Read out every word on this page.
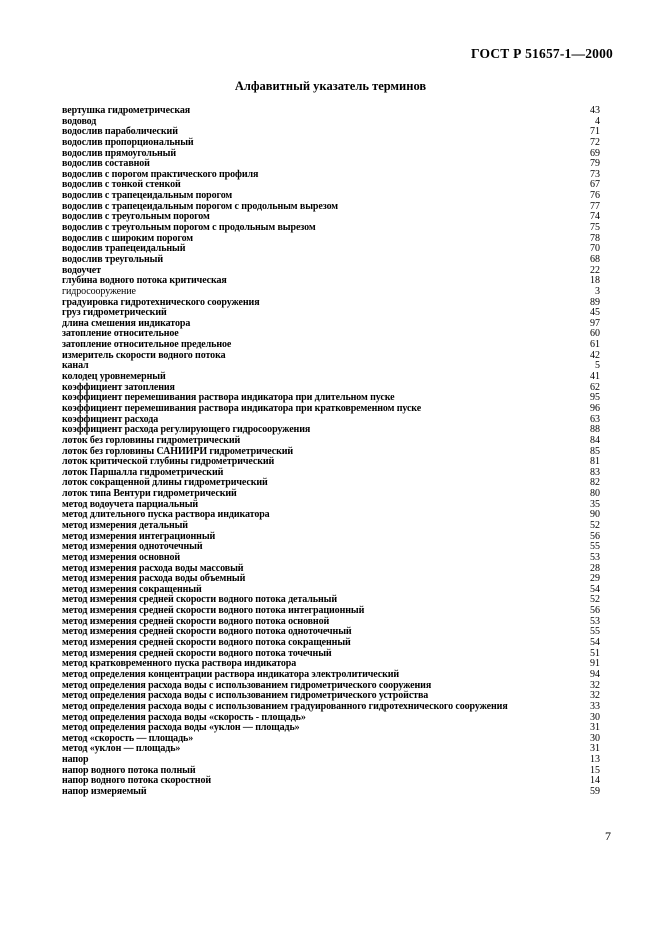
ГОСТ Р 51657-1—2000
Алфавитный указатель терминов
вертушка гидрометрическая	43
водовод	4
водослив параболический	71
водослив пропорциональный	72
водослив прямоугольный	69
водослив составной	79
водослив с порогом практического профиля	73
водослив с тонкой стенкой	67
водослив с трапецеидальным порогом	76
водослив с трапецеидальным порогом с продольным вырезом	77
водослив с треугольным порогом	74
водослив с треугольным порогом с продольным вырезом	75
водослив с широким порогом	78
водослив трапецеидальный	70
водослив треугольный	68
водоучет	22
глубина водного потока критическая	18
гидросооружение	3
градуировка гидротехнического сооружения	89
груз гидрометрический	45
длина смешения индикатора	97
затопление относительное	60
затопление относительное предельное	61
измеритель скорости водного потока	42
канал	5
колодец уровнемерный	41
коэффициент затопления	62
коэффициент перемешивания раствора индикатора при длительном пуске	95
коэффициент перемешивания раствора индикатора при кратковременном пуске	96
коэффициент расхода	63
коэффициент расхода регулирующего гидросооружения	88
лоток без горловины гидрометрический	84
лоток без горловины САНИИРИ гидрометрический	85
лоток критической глубины гидрометрический	81
лоток Паршалла гидрометрический	83
лоток сокращенной длины гидрометрический	82
лоток типа Вентури гидрометрический	80
метод водоучета парциальный	35
метод длительного пуска раствора индикатора	90
метод измерения детальный	52
метод измерения интеграционный	56
метод измерения одноточечный	55
метод измерения основной	53
метод измерения расхода воды массовый	28
метод измерения расхода воды объемный	29
метод измерения сокращенный	54
метод измерения средней скорости водного потока детальный	52
метод измерения средней скорости водного потока интеграционный	56
метод измерения средней скорости водного потока основной	53
метод измерения средней скорости водного потока одноточечный	55
метод измерения средней скорости водного потока сокращенный	54
метод измерения средней скорости водного потока точечный	51
метод кратковременного пуска раствора индикатора	91
метод определения концентрации раствора индикатора электролитический	94
метод определения расхода воды с использованием гидрометрического сооружения	32
метод определения расхода воды с использованием гидрометрического устройства	32
метод определения расхода воды с использованием градуированного гидротехнического сооружения	33
метод определения расхода воды «скорость - площадь»	30
метод определения расхода воды «уклон — площадь»	31
метод «скорость — площадь»	30
метод «уклон — площадь»	31
напор	13
напор водного потока полный	15
напор водного потока скоростной	14
напор измеряемый	59
7
